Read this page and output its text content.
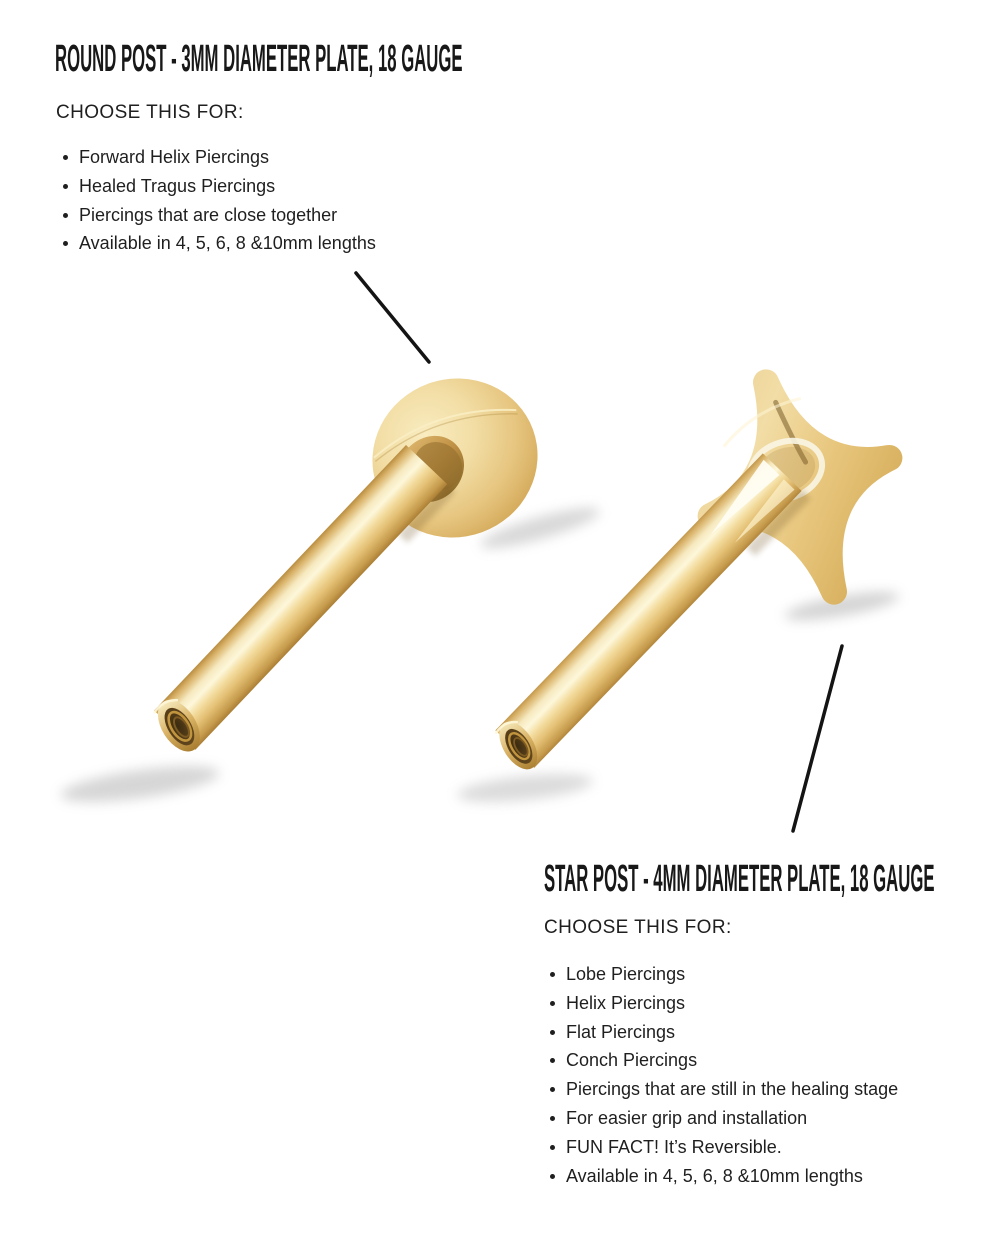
ROUND POST - 3MM DIAMETER PLATE, 18 GAUGE

CHOOSE THIS FOR:

Forward Helix Piercings
Healed Tragus Piercings
Piercings that are close together
Available in 4, 5, 6, 8 &10mm lengths
STAR POST - 4MM DIAMETER PLATE, 18 GAUGE

CHOOSE THIS FOR:

Lobe Piercings
Helix Piercings
Flat Piercings
Conch Piercings
Piercings that are still in the healing stage
For easier grip and installation
FUN FACT! It’s Reversible.
Available in 4, 5, 6, 8 &10mm lengths
